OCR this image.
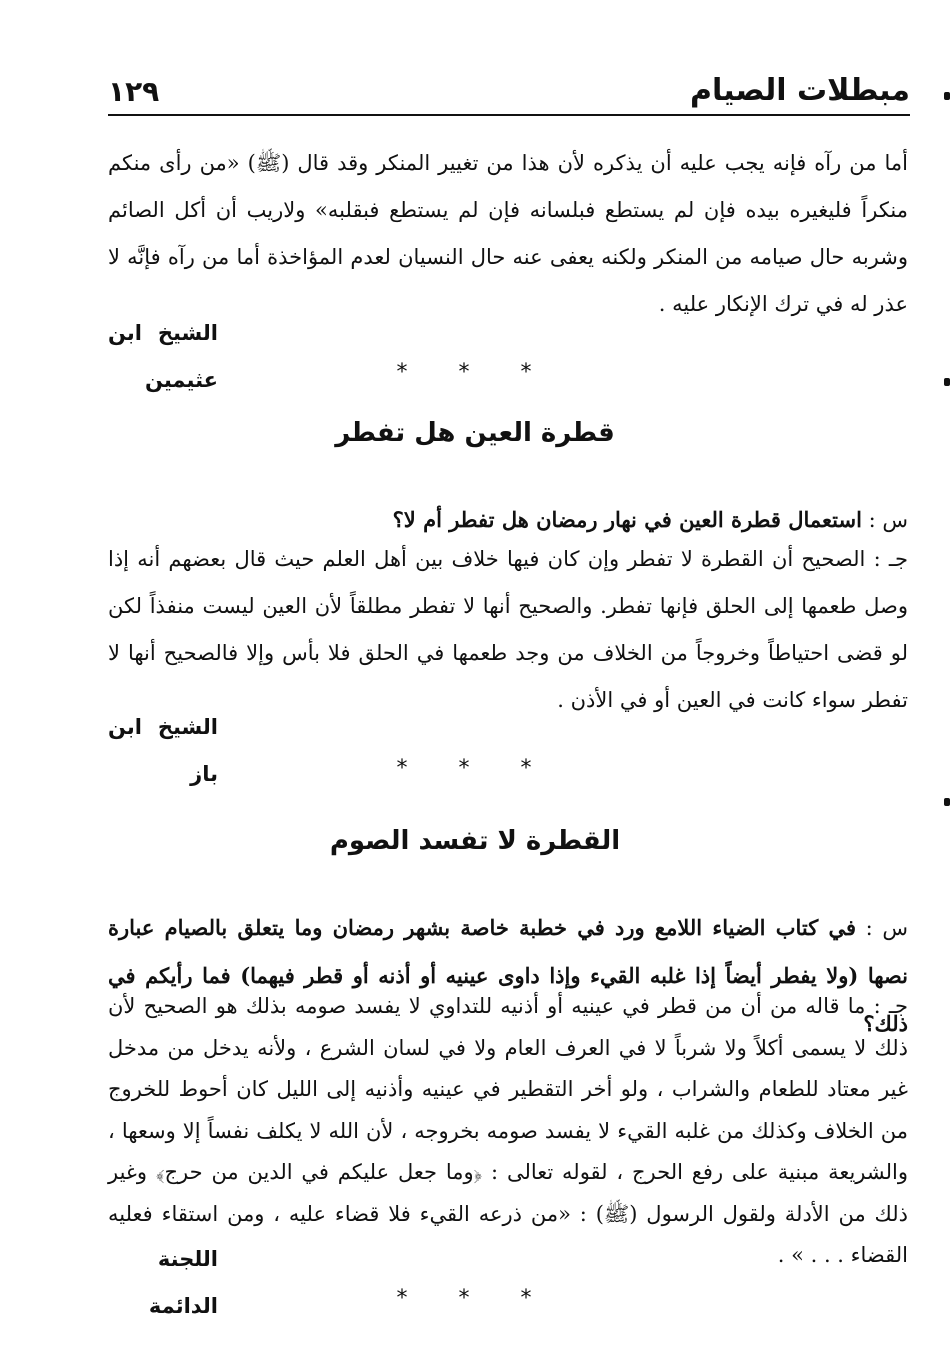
مبطلات الصيام
١٢٩

أما من رآه فإنه يجب عليه أن يذكره لأن هذا من تغيير المنكر وقد قال (ﷺ) «من رأى منكم منكراً فليغيره بيده فإن لم يستطع فبلسانه فإن لم يستطع فبقلبه» ولاريب أن أكل الصائم وشربه حال صيامه من المنكر ولكنه يعفى عنه حال النسيان لعدم المؤاخذة أما من رآه فإنَّه لا عذر له في ترك الإنكار عليه .

الشيخ ابن عثيمين	* * *
قطرة العين هل تفطر

س : استعمال قطرة العين في نهار رمضان هل تفطر أم لا؟

جـ : الصحيح أن القطرة لا تفطر وإن كان فيها خلاف بين أهل العلم حيث قال بعضهم أنه إذا وصل طعمها إلى الحلق فإنها تفطر. والصحيح أنها لا تفطر مطلقاً لأن العين ليست منفذاً لكن لو قضى احتياطاً وخروجاً من الخلاف من وجد طعمها في الحلق فلا بأس وإلا فالصحيح أنها لا تفطر سواء كانت في العين أو في الأذن .

الشيخ ابن باز	* * *
القطرة لا تفسد الصوم

س : في كتاب الضياء اللامع ورد في خطبة خاصة بشهر رمضان وما يتعلق بالصيام عبارة نصها (ولا يفطر أيضاً إذا غلبه القيء وإذا داوى عينيه أو أذنه أو قطر فيهما) فما رأيكم في ذلك؟

جـ : ما قاله من أن من قطر في عينيه أو أذنيه للتداوي لا يفسد صومه بذلك هو الصحيح لأن ذلك لا يسمى أكلاً ولا شرباً لا في العرف العام ولا في لسان الشرع ، ولأنه يدخل من مدخل غير معتاد للطعام والشراب ، ولو أخر التقطير في عينيه وأذنيه إلى الليل كان أحوط للخروج من الخلاف وكذلك من غلبه القيء لا يفسد صومه بخروجه ، لأن الله لا يكلف نفساً إلا وسعها ، والشريعة مبنية على رفع الحرج ، لقوله تعالى : ﴿وما جعل عليكم في الدين من حرج﴾ وغير ذلك من الأدلة ولقول الرسول (ﷺ) : «من ذرعه القيء فلا قضاء عليه ، ومن استقاء فعليه القضاء . . . » .

اللجنة الدائمة	* * *
